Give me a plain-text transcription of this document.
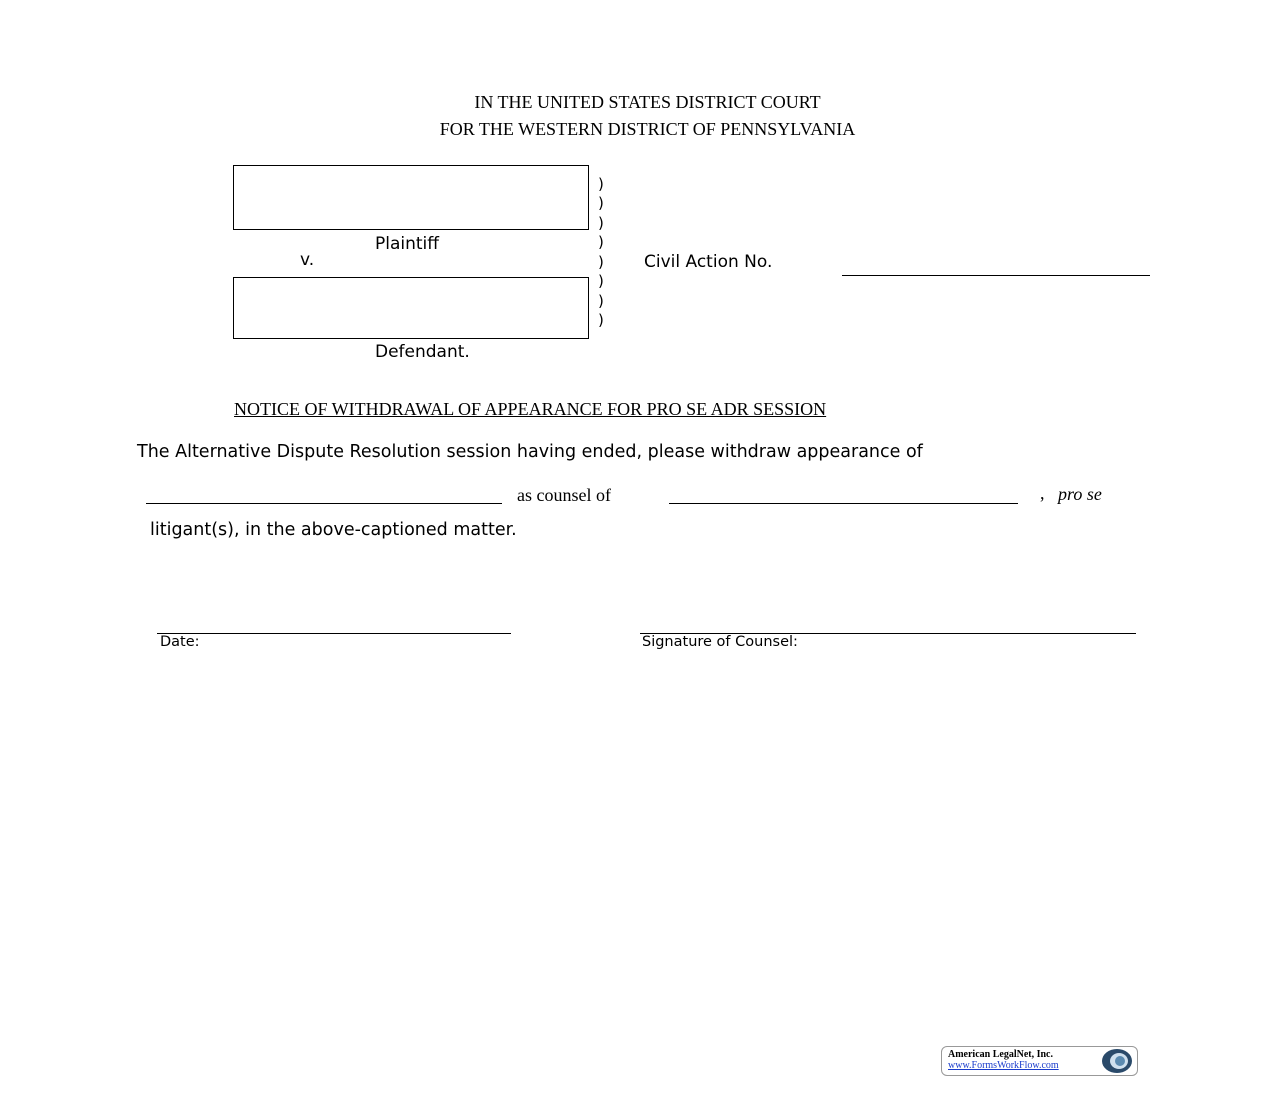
IN THE UNITED STATES DISTRICT COURT
FOR THE WESTERN DISTRICT OF PENNSYLVANIA
Plaintiff
v.
Defendant.
)
)
)
)
)
)
)
)
Civil Action No.
NOTICE OF WITHDRAWAL OF APPEARANCE FOR PRO SE ADR SESSION
The Alternative Dispute Resolution session having ended, please withdraw appearance of
as counsel of	, pro se
litigant(s), in the above-captioned matter.
Date:	Signature of Counsel:
American LegalNet, Inc.
www.FormsWorkFlow.com
